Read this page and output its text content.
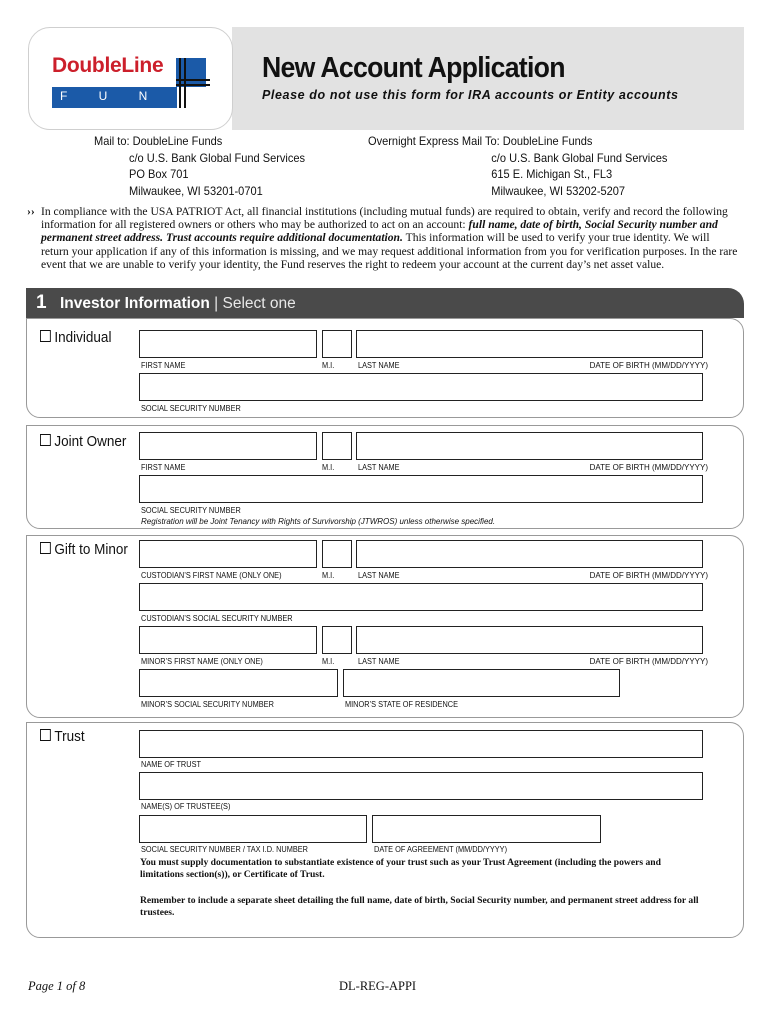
DoubleLine
F U N D S
New Account Application
Please do not use this form for IRA accounts or Entity accounts
Mail to: DoubleLine Funds
c/o U.S. Bank Global Fund Services
PO Box 701
Milwaukee, WI 53201-0701
Overnight Express Mail To: DoubleLine Funds
c/o U.S. Bank Global Fund Services
615 E. Michigan St., FL3
Milwaukee, WI 53202-5207
›› In compliance with the USA PATRIOT Act, all financial institutions (including mutual funds) are required to obtain, verify and record the following information for all registered owners or others who may be authorized to act on an account: full name, date of birth, Social Security number and permanent street address. Trust accounts require additional documentation. This information will be used to verify your true identity. We will return your application if any of this information is missing, and we may request additional information from you for verification purposes. In the rare event that we are unable to verify your identity, the Fund reserves the right to redeem your account at the current day’s net asset value.
1 Investor Information | Select one
Individual
FIRST NAME	M.I.	LAST NAME	DATE OF BIRTH (MM/DD/YYYY)
SOCIAL SECURITY NUMBER
Joint Owner
FIRST NAME	M.I.	LAST NAME	DATE OF BIRTH (MM/DD/YYYY)
SOCIAL SECURITY NUMBER
Registration will be Joint Tenancy with Rights of Survivorship (JTWROS) unless otherwise specified.
Gift to Minor
CUSTODIAN’S FIRST NAME (ONLY ONE)	M.I.	LAST NAME	DATE OF BIRTH (MM/DD/YYYY)
CUSTODIAN’S SOCIAL SECURITY NUMBER
MINOR’S FIRST NAME (ONLY ONE)	M.I.	LAST NAME	DATE OF BIRTH (MM/DD/YYYY)
MINOR’S SOCIAL SECURITY NUMBER	MINOR’S STATE OF RESIDENCE
Trust
NAME OF TRUST
NAME(S) OF TRUSTEE(S)
SOCIAL SECURITY NUMBER / TAX I.D. NUMBER	DATE OF AGREEMENT (MM/DD/YYYY)
You must supply documentation to substantiate existence of your trust such as your Trust Agreement (including the powers and limitations section(s)), or Certificate of Trust.
Remember to include a separate sheet detailing the full name, date of birth, Social Security number, and permanent street address for all trustees.
Page 1 of 8	DL-REG-APPI
